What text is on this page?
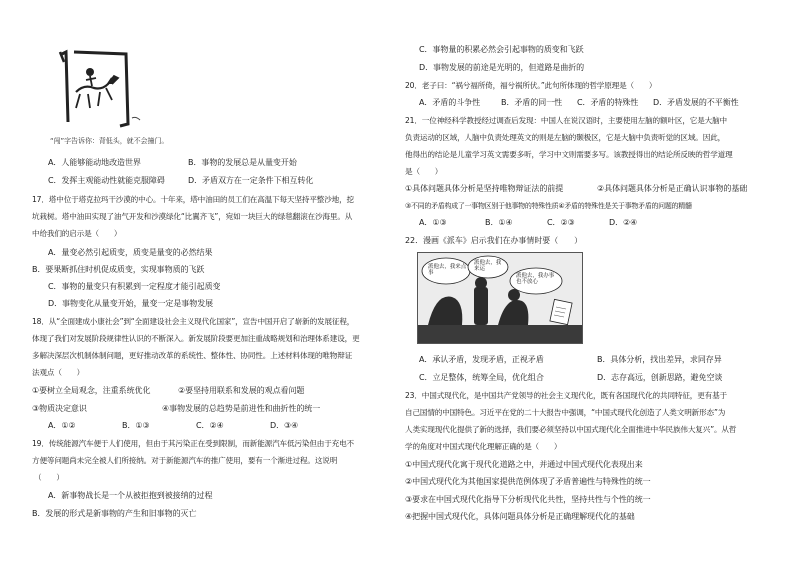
“闯”字告诉你：背低头，就不会撞门。
A．人能够能动地改造世界	B．事物的发展总是从量变开始
C．发挥主观能动性就能克服障碍	D．矛盾双方在一定条件下相互转化
17．塔中位于塔克拉玛干沙漠的中心。十年来，塔中油田的员工们在高温下每天坚持平整沙地，挖
坑栽树。塔中油田实现了油气开发和沙漠绿化“比翼齐飞”，宛如一块巨大的绿毯翻滚在沙海里。从
中给我们的启示是（　　）
A．量变必然引起质变，质变是量变的必然结果
B．要果断抓住时机促成质变，实现事物质的飞跃
C．事物的量变只有积累到一定程度才能引起质变
D．事物变化从量变开始，量变一定是事物发展
18．从“全面建成小康社会”到“全面建设社会主义现代化国家”，宣告中国开启了崭新的发展征程，
体现了我们对发展阶段规律性认识的不断深入。新发展阶段要更加注重战略规划和治理体系建设，更
多解决深层次机制体制问题，更好推动改革的系统性、整体性、协同性。上述材料体现的唯物辩证
法观点（　　）
①要树立全局观念，注重系统优化	②要坚持用联系和发展的观点看问题
③物质决定意识	④事物发展的总趋势是前进性和曲折性的统一
A．①②	B．①③	C．②④	D．③④
19．传统能源汽车便于人们使用，但由于其污染正在受到限制，而新能源汽车低污染但由于充电不
方便等问题尚未完全被人们所接纳。对于新能源汽车的推广使用，要有一个渐进过程。这说明
（　　）
A．新事物战长是一个从被拒抱到被接纳的过程
B．发展的形式是新事物的产生和旧事物的灭亡
C．事物量的积累必然会引起事物的质变和飞跃
D．事物发展的前途是光明的，但道路是曲折的
20．老子曰：“祸兮福所倚，福兮祸所伏。”此句所体现的哲学原理是（　　）
A．矛盾的斗争性	B．矛盾的同一性 C．矛盾的特殊性 D．矛盾发展的不平衡性
21．一位神经科学教授经过调查后发现：中国人在说汉语时，主要使用左脑的额叶区，它是大脑中
负责运动的区域，人脑中负责处理英文的则是左脑的颞极区，它是大脑中负责听觉的区域。因此，
他得出的结论是儿童学习英文需要多听，学习中文则需要多写。该教授得出的结论所反映的哲学道理
是（　　）
①具体问题具体分析是坚持唯物辩证法的前提	②具体问题具体分析是正确认识事物的基础
③不同的矛盾构成了一事物区别于他事物的特殊性质④矛盾的特殊性是关于事物矛盾的问题的精髓
A．①③	B．①④	C．②③	D．②④
22．漫画《派车》启示我们在办事情时要（　　）
派他去，我来点事
派他去，我来运
派他去，我办事也不放心
A．承认矛盾，发现矛盾，正视矛盾	B．具体分析，找出差异，求同存异
C．立足整体，统筹全局，优化组合	D．志存高远，创新思路，避免空谈
23．中国式现代化，是中国共产党领导的社会主义现代化，既有各国现代化的共同特征，更有基于
自己国情的中国特色。习近平在党的二十大报告中强调，“中国式现代化创造了人类文明新形态”为
人类实现现代化提供了新的选择，我们要必须坚持以中国式现代化全面推进中华民族伟大复兴”。从哲
学的角度对中国式现代化理解正确的是（　　）
①中国式现代化寓于现代化道路之中，并通过中国式现代化表现出来
②中国式现代化为其他国家提供范例体现了矛盾普遍性与特殊性的统一
③要求在中国式现代化指导下分析现代化共性，坚持共性与个性的统一
④把握中国式现代化，具体问题具体分析是正确理解现代化的基础
